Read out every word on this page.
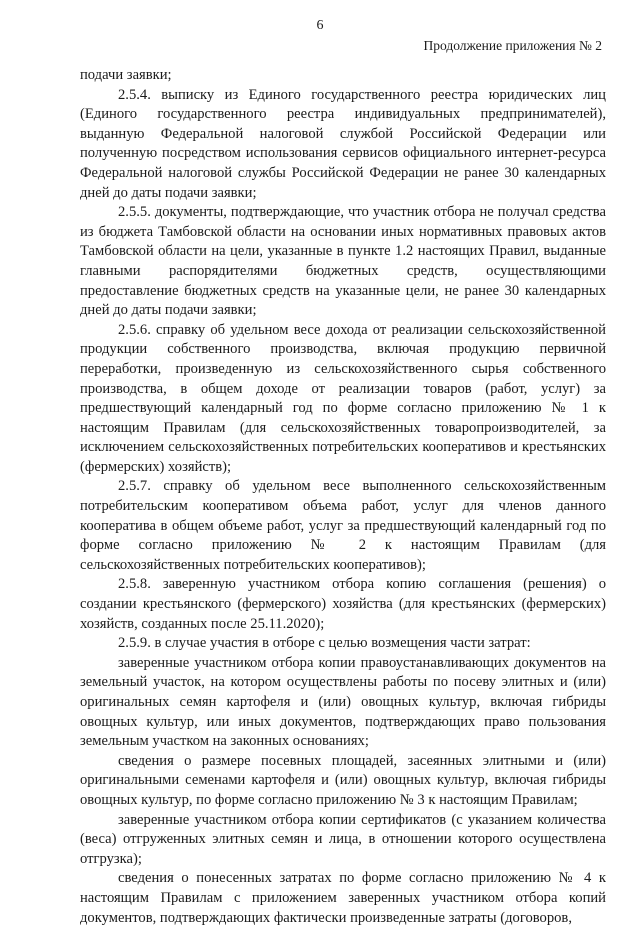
6
Продолжение приложения № 2

подачи заявки;

2.5.4. выписку из Единого государственного реестра юридических лиц (Единого государственного реестра индивидуальных предпринимателей), выданную Федеральной налоговой службой Российской Федерации или полученную посредством использования сервисов официального интернет-ресурса Федеральной налоговой службы Российской Федерации не ранее 30 календарных дней до даты подачи заявки;

2.5.5. документы, подтверждающие, что участник отбора не получал средства из бюджета Тамбовской области на основании иных нормативных правовых актов Тамбовской области на цели, указанные в пункте 1.2 настоящих Правил, выданные главными распорядителями бюджетных средств, осуществляющими предоставление бюджетных средств на указанные цели, не ранее 30 календарных дней до даты подачи заявки;

2.5.6. справку об удельном весе дохода от реализации сельскохозяйственной продукции собственного производства, включая продукцию первичной переработки, произведенную из сельскохозяйственного сырья собственного производства, в общем доходе от реализации товаров (работ, услуг) за предшествующий календарный год по форме согласно приложению № 1 к настоящим Правилам (для сельскохозяйственных товаропроизводителей, за исключением сельскохозяйственных потребительских кооперативов и крестьянских (фермерских) хозяйств);

2.5.7. справку об удельном весе выполненного сельскохозяйственным потребительским кооперативом объема работ, услуг для членов данного кооператива в общем объеме работ, услуг за предшествующий календарный год по форме согласно приложению № 2 к настоящим Правилам (для сельскохозяйственных потребительских кооперативов);

2.5.8. заверенную участником отбора копию соглашения (решения) о создании крестьянского (фермерского) хозяйства (для крестьянских (фермерских) хозяйств, созданных после 25.11.2020);

2.5.9. в случае участия в отборе с целью возмещения части затрат:

заверенные участником отбора копии правоустанавливающих документов на земельный участок, на котором осуществлены работы по посеву элитных и (или) оригинальных семян картофеля и (или) овощных культур, включая гибриды овощных культур, или иных документов, подтверждающих право пользования земельным участком на законных основаниях;

сведения о размере посевных площадей, засеянных элитными и (или) оригинальными семенами картофеля и (или) овощных культур, включая гибриды овощных культур, по форме согласно приложению № 3 к настоящим Правилам;

заверенные участником отбора копии сертификатов (с указанием количества (веса) отгруженных элитных семян и лица, в отношении которого осуществлена отгрузка);

сведения о понесенных затратах по форме согласно приложению № 4 к настоящим Правилам с приложением заверенных участником отбора копий документов, подтверждающих фактически произведенные затраты (договоров,
